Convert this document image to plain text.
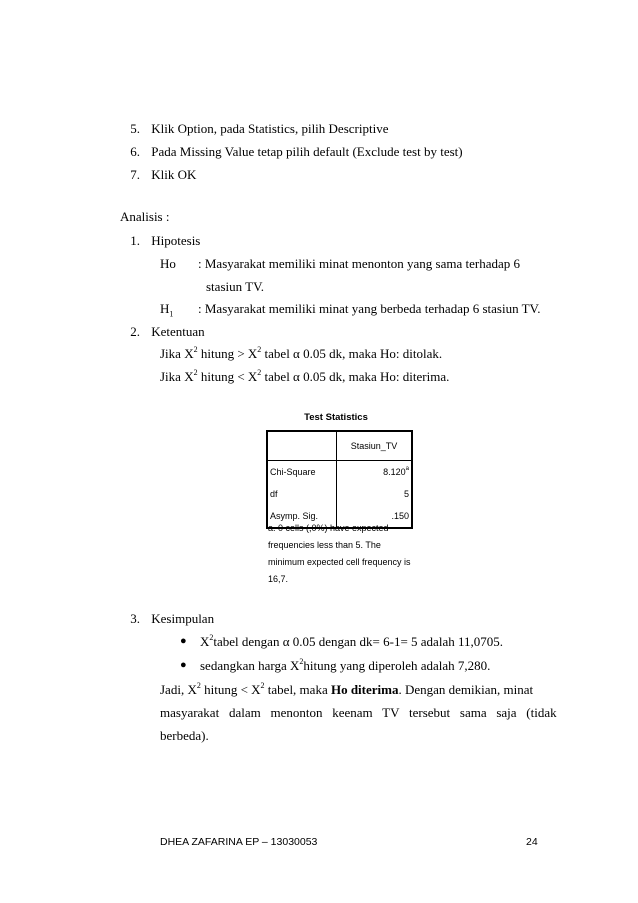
5. Klik Option, pada Statistics, pilih Descriptive
6. Pada Missing Value tetap pilih default (Exclude test by test)
7. Klik OK
Analisis :
1. Hipotesis
Ho : Masyarakat memiliki minat menonton yang sama terhadap 6
stasiun TV.
$H_1$ : Masyarakat memiliki minat yang berbeda terhadap 6 stasiun TV.
2. Ketentuan
Jika $X^2$ hitung > $X^2$ tabel α 0.05 dk, maka Ho: ditolak.
Jika $X^2$ hitung < $X^2$ tabel α 0.05 dk, maka Ho: diterima.
Test Statistics
	Stasiun_TV
Chi-Square	8.120$^a$
df	5
Asymp. Sig.	.150
a. 0 cells (,0%) have expected frequencies less than 5. The minimum expected cell frequency is 16,7.
3. Kesimpulan
● $X^2tabel$ dengan α 0.05 dengan dk= 6-1= 5 adalah 11,0705.
● sedangkan harga $X^2hitung$ yang diperoleh adalah 7,280.
Jadi, $X^2$ hitung < $X^2$ tabel, maka Ho diterima. Dengan demikian, minat
masyarakat   dalam   menonton   keenam   TV   tersebut   sama   saja   (tidak
berbeda).
DHEA ZAFARINA EP – 13030053	24
